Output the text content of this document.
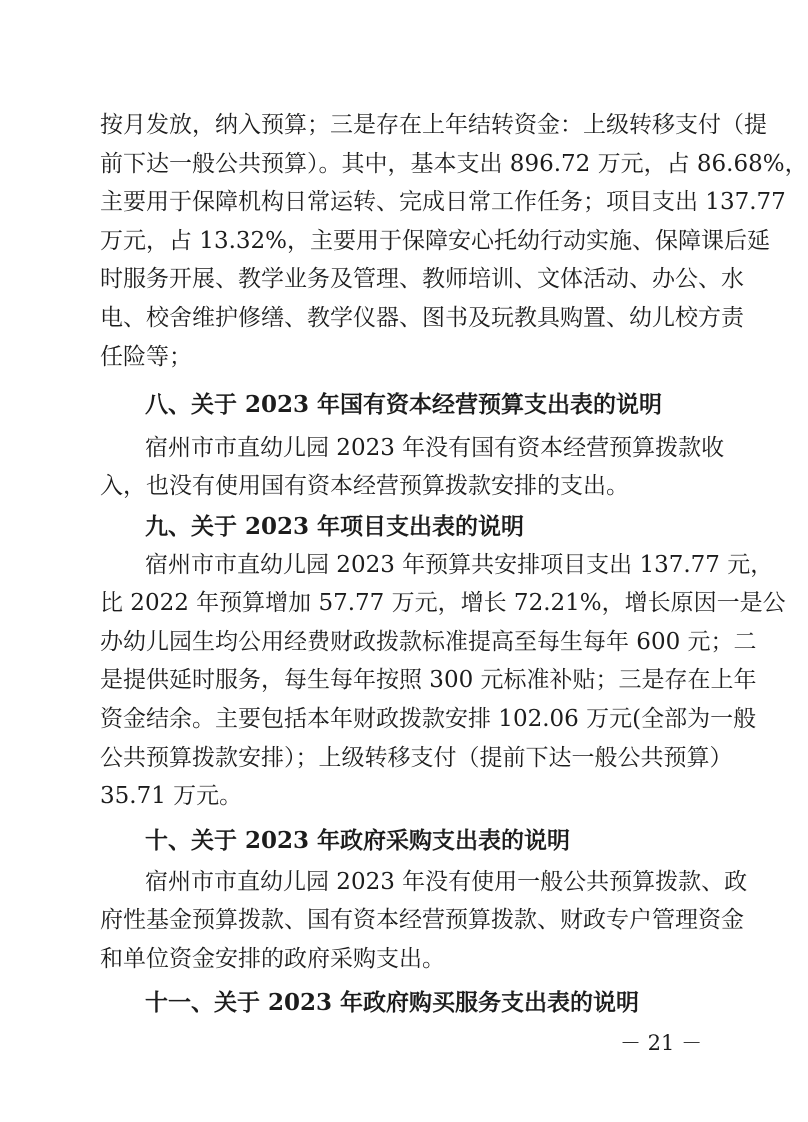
按月发放，纳入预算；三是存在上年结转资金：上级转移支付（提
前下达一般公共预算）。其中，基本支出 896.72 万元，占 86.68%，
主要用于保障机构日常运转、完成日常工作任务；项目支出 137.77
万元，占 13.32%，主要用于保障安心托幼行动实施、保障课后延
时服务开展、教学业务及管理、教师培训、文体活动、办公、水
电、校舍维护修缮、教学仪器、图书及玩教具购置、幼儿校方责
任险等；
八、关于 2023 年国有资本经营预算支出表的说明
宿州市市直幼儿园 2023 年没有国有资本经营预算拨款收
入，也没有使用国有资本经营预算拨款安排的支出。
九、关于 2023 年项目支出表的说明
宿州市市直幼儿园 2023 年预算共安排项目支出 137.77 元，
比 2022 年预算增加 57.77 万元，增长 72.21%，增长原因一是公
办幼儿园生均公用经费财政拨款标准提高至每生每年 600 元；二
是提供延时服务，每生每年按照 300 元标准补贴；三是存在上年
资金结余。主要包括本年财政拨款安排 102.06 万元(全部为一般
公共预算拨款安排）；上级转移支付（提前下达一般公共预算）
35.71 万元。
十、关于 2023 年政府采购支出表的说明
宿州市市直幼儿园 2023 年没有使用一般公共预算拨款、政
府性基金预算拨款、国有资本经营预算拨款、财政专户管理资金
和单位资金安排的政府采购支出。
十一、关于 2023 年政府购买服务支出表的说明
－ 21 －
